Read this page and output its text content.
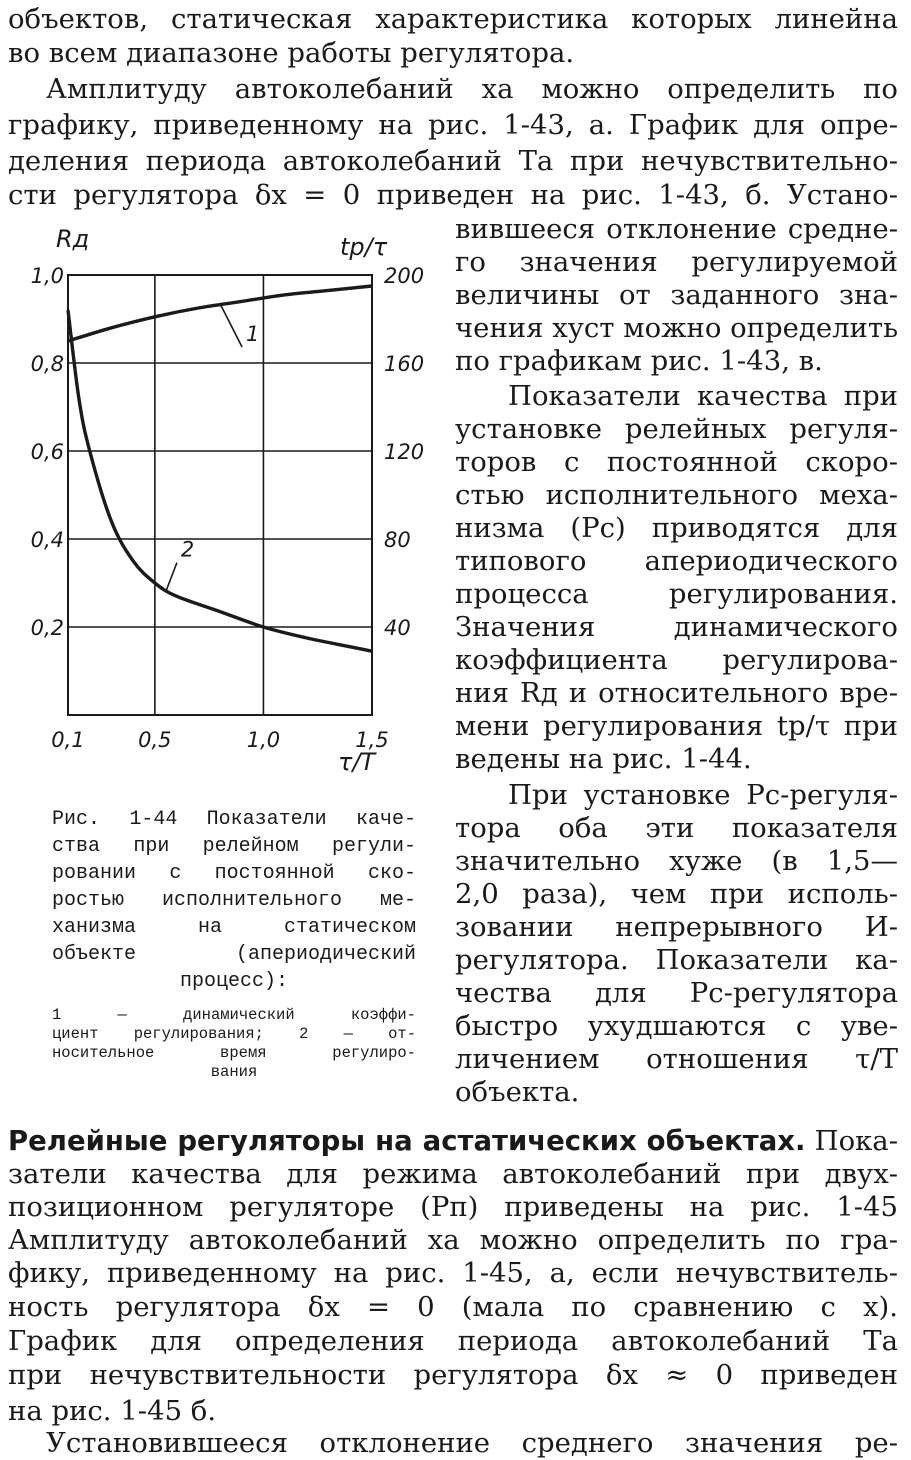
объектов, статическая характеристика которых линейна
во всем диапазоне работы регулятора.
Амплитуду автоколебаний xа можно определить по
графику, приведенному на рис. 1-43, а. График для опре-
деления периода автоколебаний Tа при нечувствительно-
сти регулятора δx = 0 приведен на рис. 1-43, б. Устано-
0,1	0,5	1,0	1,5
0,2
0,4
0,6
0,8
1,0
40
80
120
160
200
1
2
Rд	tр/τ
τ/T
Рис. 1-44 Показатели каче-
ства при релейном регули-
ровании с постоянной ско-
ростью исполнительного ме-
ханизма на статическом
объекте (апериодический
процесс):
1 — динамический коэффи-
циент регулирования; 2 — от-
носительное время регулиро-
вания
вившееся отклонение средне-
го значения регулируемой
величины от заданного зна-
чения xуст можно определить
по графикам рис. 1-43, в.
Показатели качества при
установке релейных регуля-
торов с постоянной скоро-
стью исполнительного меха-
низма (Pс) приводятся для
типового апериодического
процесса регулирования.
Значения динамического
коэффициента регулирова-
ния Rд и относительного вре-
мени регулирования tр/τ при
ведены на рис. 1-44.
При установке Pс-регуля-
тора оба эти показателя
значительно хуже (в 1,5—
2,0 раза), чем при исполь-
зовании непрерывного И-
регулятора. Показатели ка-
чества для Pс-регулятора
быстро ухудшаются с уве-
личением отношения τ/T
объекта.
Релейные регуляторы на астатических объектах. Пока-
затели качества для режима автоколебаний при двух-
позиционном регуляторе (Pп) приведены на рис. 1-45
Амплитуду автоколебаний xа можно определить по гра-
фику, приведенному на рис. 1-45, а, если нечувствитель-
ность регулятора δx = 0 (мала по сравнению с x).
График для определения периода автоколебаний Tа
при нечувствительности регулятора δx ≈ 0 приведен
на рис. 1-45 б.
Установившееся отклонение среднего значения ре-
